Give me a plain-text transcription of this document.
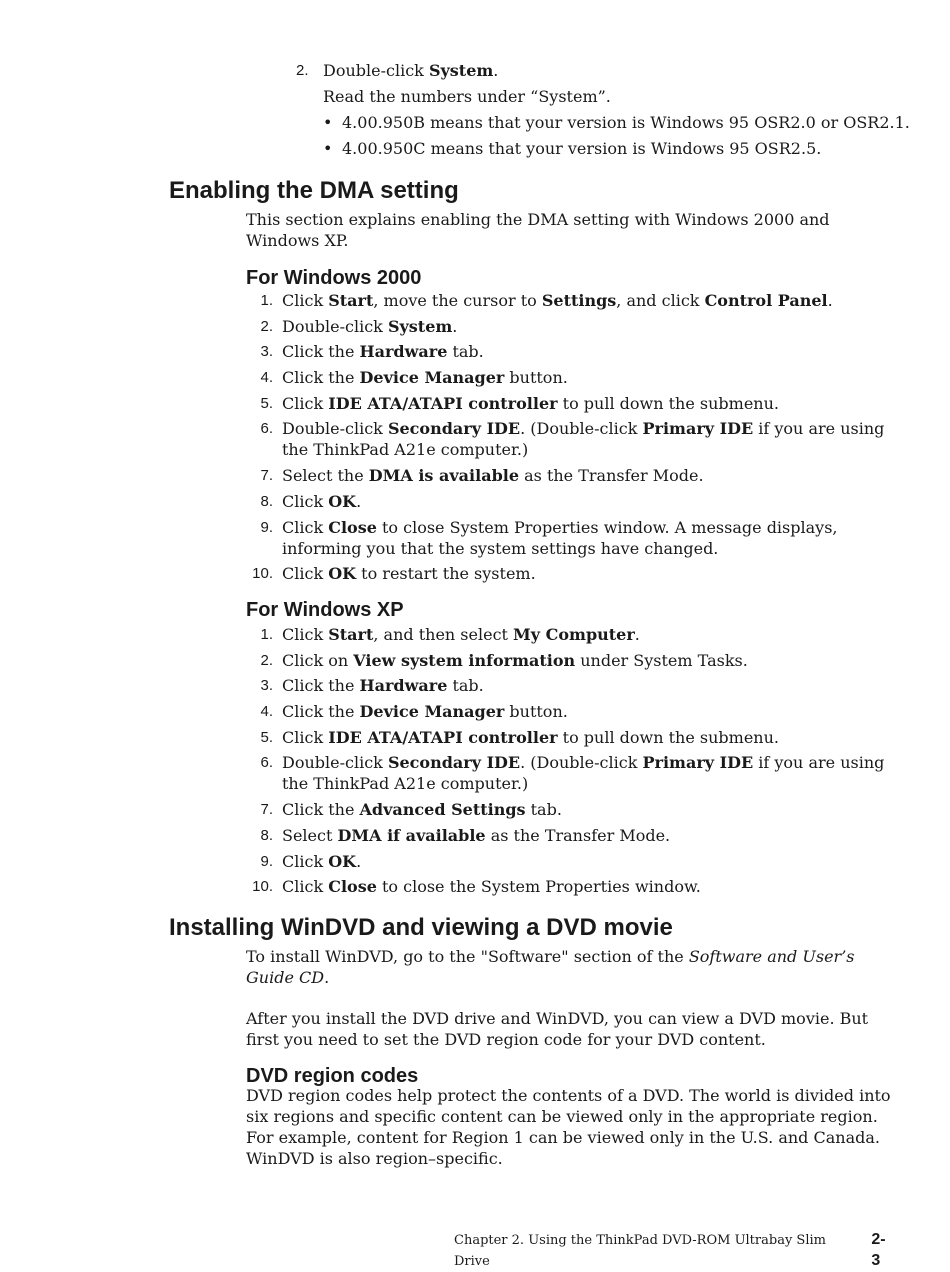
2. Double-click System.
Read the numbers under “System”.
• 4.00.950B means that your version is Windows 95 OSR2.0 or OSR2.1.
• 4.00.950C means that your version is Windows 95 OSR2.5.
Enabling the DMA setting

This section explains enabling the DMA setting with Windows 2000 and Windows XP.

For Windows 2000
1. Click Start, move the cursor to Settings, and click Control Panel.
2. Double-click System.
3. Click the Hardware tab.
4. Click the Device Manager button.
5. Click IDE ATA/ATAPI controller to pull down the submenu.
6. Double-click Secondary IDE. (Double-click Primary IDE if you are using the ThinkPad A21e computer.)
7. Select the DMA is available as the Transfer Mode.
8. Click OK.
9. Click Close to close System Properties window. A message displays, informing you that the system settings have changed.
10. Click OK to restart the system.
For Windows XP
1. Click Start, and then select My Computer.
2. Click on View system information under System Tasks.
3. Click the Hardware tab.
4. Click the Device Manager button.
5. Click IDE ATA/ATAPI controller to pull down the submenu.
6. Double-click Secondary IDE. (Double-click Primary IDE if you are using the ThinkPad A21e computer.)
7. Click the Advanced Settings tab.
8. Select DMA if available as the Transfer Mode.
9. Click OK.
10. Click Close to close the System Properties window.
Installing WinDVD and viewing a DVD movie

To install WinDVD, go to the "Software" section of the Software and User’s Guide CD.

After you install the DVD drive and WinDVD, you can view a DVD movie. But first you need to set the DVD region code for your DVD content.

DVD region codes

DVD region codes help protect the contents of a DVD. The world is divided into six regions and specific content can be viewed only in the appropriate region. For example, content for Region 1 can be viewed only in the U.S. and Canada. WinDVD is also region–specific.

Chapter 2. Using the ThinkPad DVD-ROM Ultrabay Slim Drive
2-3
